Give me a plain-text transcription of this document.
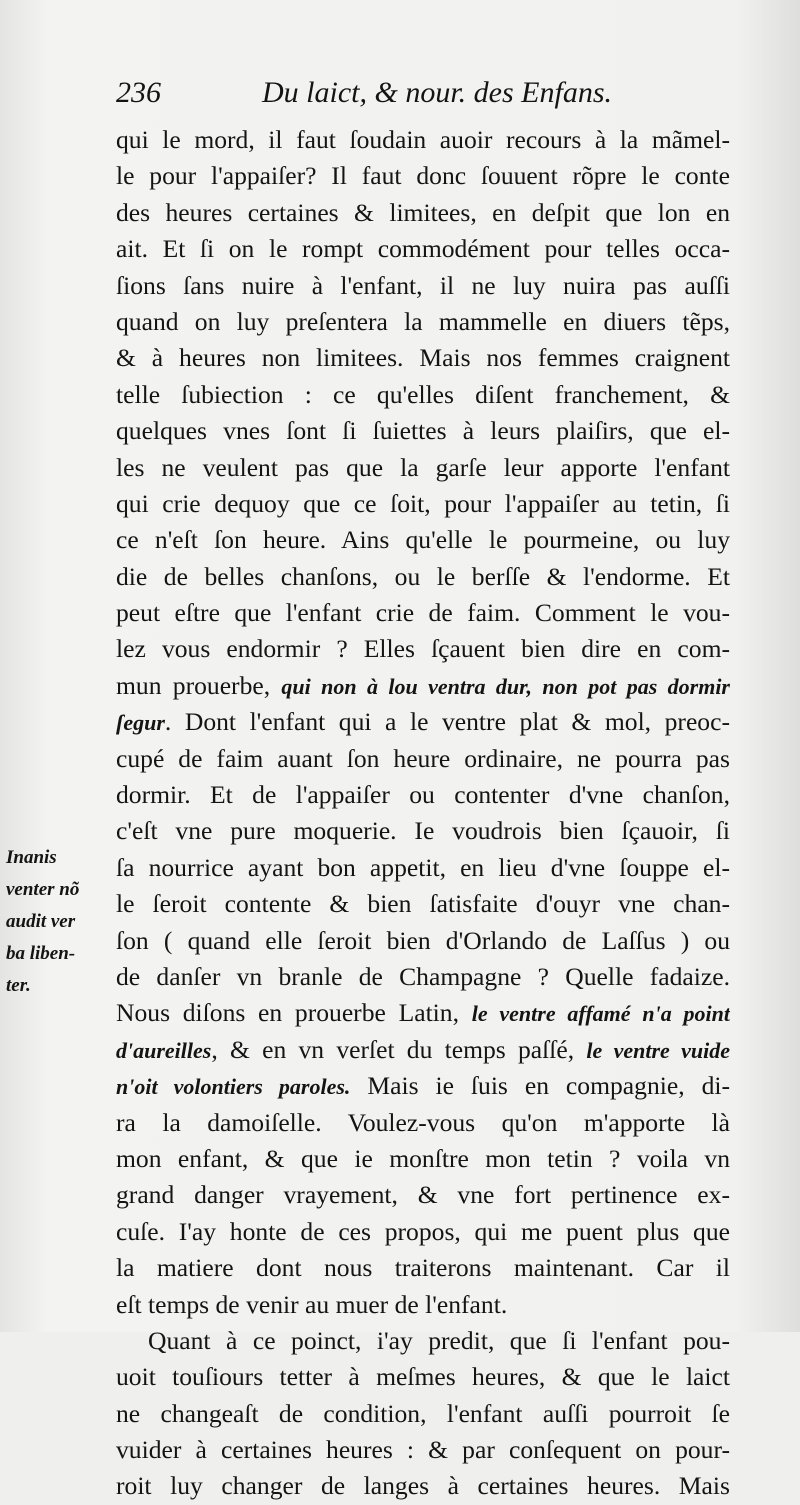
236	Du laict, & nour. des Enfans.
qui le mord, il faut ſoudain auoir recours à la mãmel-
le pour l'appaiſer? Il faut donc ſouuent rõpre le conte
des heures certaines & limitees, en deſpit que lon en
ait. Et ſi on le rompt commodément pour telles occa-
ſions ſans nuire à l'enfant, il ne luy nuira pas auſſi
quand on luy preſentera la mammelle en diuers tẽps,
& à heures non limitees. Mais nos femmes craignent
telle ſubiection : ce qu'elles diſent franchement, &
quelques vnes ſont ſi ſuiettes à leurs plaiſirs, que el-
les ne veulent pas que la garſe leur apporte l'enfant
qui crie dequoy que ce ſoit, pour l'appaiſer au tetin, ſi
ce n'eſt ſon heure. Ains qu'elle le pourmeine, ou luy
die de belles chanſons, ou le berſſe & l'endorme. Et
peut eſtre que l'enfant crie de faim. Comment le vou-
lez vous endormir ? Elles ſçauent bien dire en com-
mun prouerbe, qui non à lou ventra dur, non pot pas dormir
ſegur. Dont l'enfant qui a le ventre plat & mol, preoc-
cupé de faim auant ſon heure ordinaire, ne pourra pas
dormir. Et de l'appaiſer ou contenter d'vne chanſon,
c'eſt vne pure moquerie. Ie voudrois bien ſçauoir, ſi
ſa nourrice ayant bon appetit, en lieu d'vne ſouppe el-
le ſeroit contente & bien ſatisfaite d'ouyr vne chan-
ſon ( quand elle ſeroit bien d'Orlando de Laſſus ) ou
de danſer vn branle de Champagne ? Quelle fadaize.
Nous diſons en prouerbe Latin, le ventre affamé n'a point
d'aureilles, & en vn verſet du temps paſſé, le ventre vuide
n'oit volontiers paroles. Mais ie ſuis en compagnie, di-
ra la damoiſelle. Voulez-vous qu'on m'apporte là
mon enfant, & que ie monſtre mon tetin ? voila vn
grand danger vrayement, & vne fort pertinence ex-
cuſe. I'ay honte de ces propos, qui me puent plus que
la matiere dont nous traiterons maintenant. Car il
eſt temps de venir au muer de l'enfant.
Quant à ce poinct, i'ay predit, que ſi l'enfant pou-
uoit touſiours tetter à meſmes heures, & que le laict
ne changeaſt de condition, l'enfant auſſi pourroit ſe
vuider à certaines heures : & par conſequent on pour-
roit luy changer de langes à certaines heures. Mais
Inanis
venter nõ
audit ver
ba liben-
ter.
